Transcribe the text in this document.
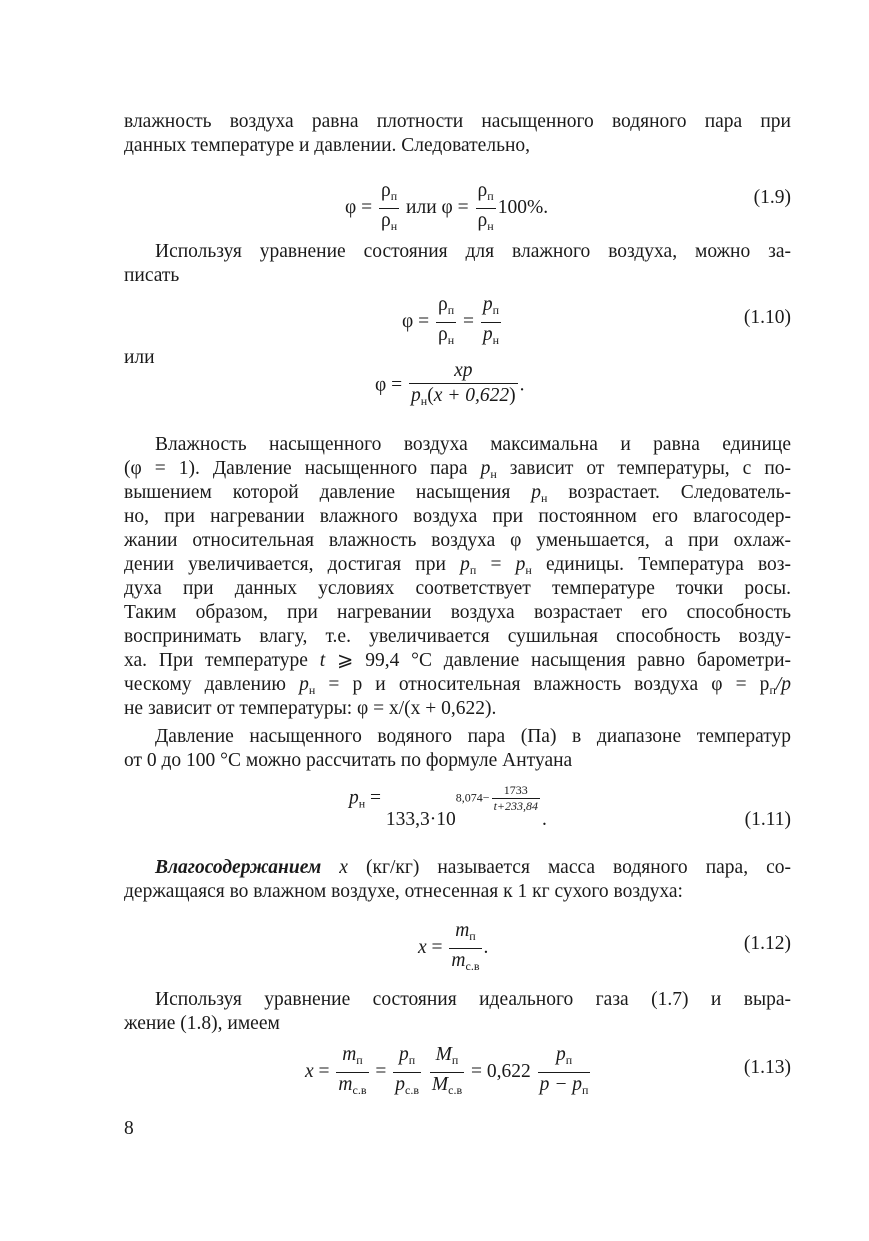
влажность воздуха равна плотности насыщенного водяного пара при
данных температуре и давлении. Следовательно,
$\varphi = \frac{\rho_п}{\rho_н}$ или $\varphi = \frac{\rho_п}{\rho_н} 100\%$.	(1.9)
Используя уравнение состояния для влажного воздуха, можно за-
писать
$\varphi = \frac{\rho_п}{\rho_н} = \frac{p_п}{p_н}$	(1.10)
или
$\varphi = \frac{xp}{p_н(x + 0,622)}$ .
Влажность насыщенного воздуха максимальна и равна единице
(φ = 1). Давление насыщенного пара $p_н$ зависит от температуры, с по-
вышением которой давление насыщения $p_н$ возрастает. Следователь-
но, при нагревании влажного воздуха при постоянном его влагосодер-
жании относительная влажность воздуха φ уменьшается, а при охлаж-
дении увеличивается, достигая при $p_п = p_н$ единицы. Температура воз-
духа при данных условиях соответствует температуре точки росы.
Таким образом, при нагревании воздуха возрастает его способность
воспринимать влагу, т.е. увеличивается сушильная способность возду-
ха. При температуре t ⩾ 99,4 °С давление насыщения равно барометри-
ческому давлению $p_н = p$ и относительная влажность воздуха $\varphi = p_п/p$
не зависит от температуры: φ = x/(x + 0,622).
Давление насыщенного водяного пара (Па) в диапазоне температур
от 0 до 100 °С можно рассчитать по формуле Антуана
$p_н = 133,3\cdot 108,074- \frac{1733}{t+233,84}$
.	(1.11)
Влагосодержанием x (кг/кг) называется масса водяного пара, со-
держащаяся во влажном воздухе, отнесенная к 1 кг сухого воздуха:
$x = \frac{m_п}{m_{с.в}}$ .	(1.12)
Используя уравнение состояния идеального газа (1.7) и выра-
жение (1.8), имеем
$x = \frac{m_п}{m_{с.в}} = \frac{p_п}{p_{с.в}}$
$\frac{M_п}{M_{с.в}} = 0,622 \frac{p_п}{p - p_п}$	(1.13)
8
